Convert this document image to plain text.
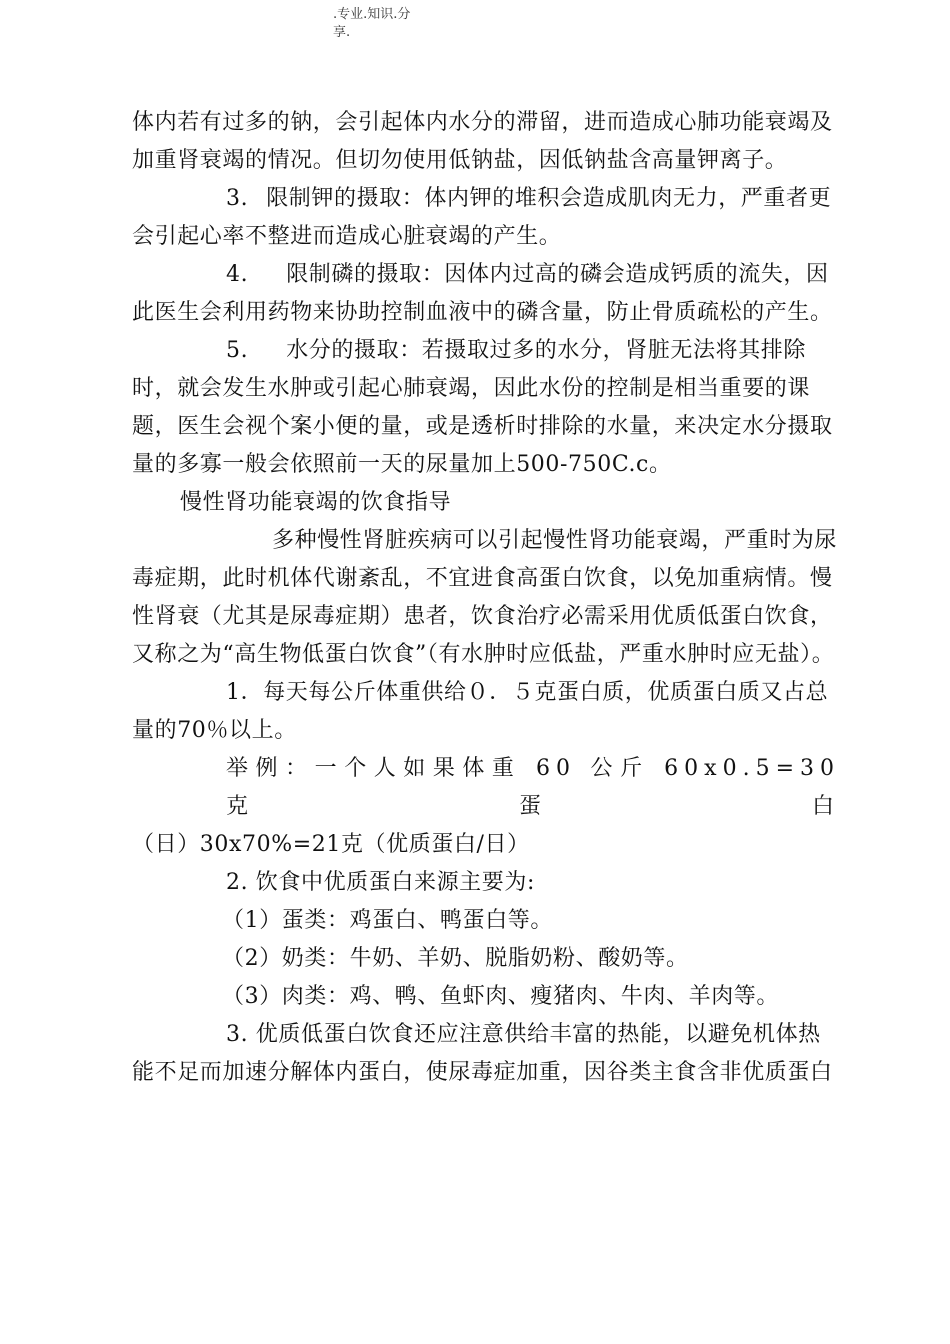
.专业.知识.分
享.

体内若有过多的钠，会引起体内水分的滞留，进而造成心肺功能衰竭及加重肾衰竭的情况。但切勿使用低钠盐，因低钠盐含高量钾离子。

3. 限制钾的摄取：体内钾的堆积会造成肌肉无力，严重者更会引起心率不整进而造成心脏衰竭的产生。

4. 限制磷的摄取：因体内过高的磷会造成钙质的流失，因此医生会利用药物来协助控制血液中的磷含量，防止骨质疏松的产生。

5. 水分的摄取：若摄取过多的水分，肾脏无法将其排除时，就会发生水肿或引起心肺衰竭，因此水份的控制是相当重要的课题，医生会视个案小便的量，或是透析时排除的水量，来决定水分摄取量的多寡一般会依照前一天的尿量加上500-750C.c。

慢性肾功能衰竭的饮食指导

多种慢性肾脏疾病可以引起慢性肾功能衰竭，严重时为尿毒症期，此时机体代谢紊乱，不宜进食高蛋白饮食，以免加重病情。慢性肾衰（尤其是尿毒症期）患者，饮食治疗必需采用优质低蛋白饮食，又称之为“高生物低蛋白饮食”（有水肿时应低盐，严重水肿时应无盐）。

1．每天每公斤体重供给０．５克蛋白质，优质蛋白质又占总量的70％以上。

举例：一个人如果体重 60 公斤 60x0.5=30 克蛋白

（日）30x70%=21克（优质蛋白/日）

2. 饮食中优质蛋白来源主要为:

（1）蛋类：鸡蛋白、鸭蛋白等。

（2）奶类：牛奶、羊奶、脱脂奶粉、酸奶等。

（3）肉类：鸡、鸭、鱼虾肉、瘦猪肉、牛肉、羊肉等。

3. 优质低蛋白饮食还应注意供给丰富的热能，以避免机体热能不足而加速分解体内蛋白，使尿毒症加重，因谷类主食含非优质蛋白
